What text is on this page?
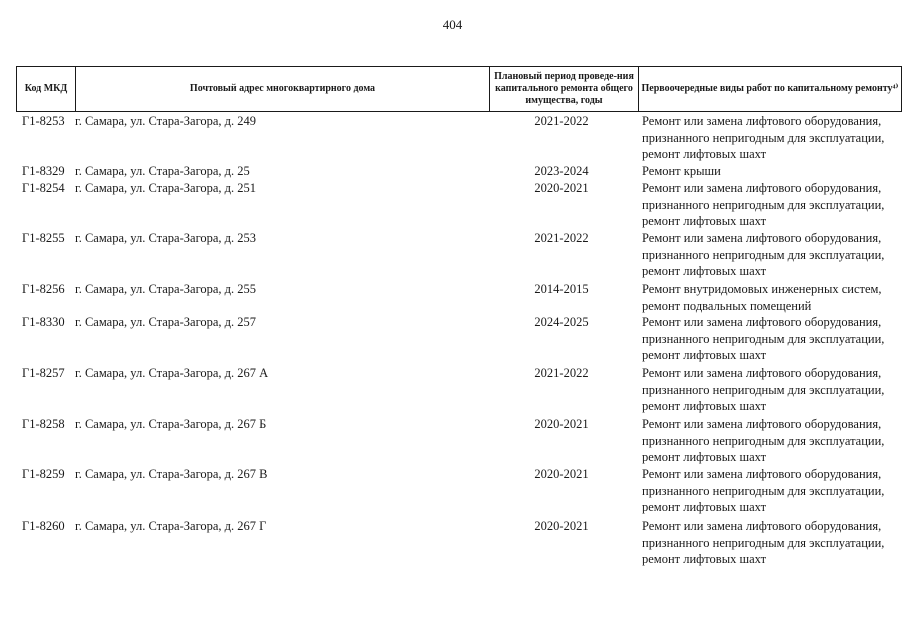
404
Код МКД	Почтовый адрес многоквартирного дома	Плановый период проведе-ния капитального ремонта общего имущества, годы	Первоочередные виды работ по капитальному ремонту⁴⁾
Г1-8253 г. Самара, ул. Стара-Загора, д. 249	2021-2022	Ремонт или замена лифтового оборудования,
признанного непригодным для эксплуатации,
ремонт лифтовых шахт
Г1-8329 г. Самара, ул. Стара-Загора, д. 25	2023-2024	Ремонт крыши
Г1-8254 г. Самара, ул. Стара-Загора, д. 251	2020-2021	Ремонт или замена лифтового оборудования,
признанного непригодным для эксплуатации,
ремонт лифтовых шахт
Г1-8255 г. Самара, ул. Стара-Загора, д. 253	2021-2022	Ремонт или замена лифтового оборудования,
признанного непригодным для эксплуатации,
ремонт лифтовых шахт
Г1-8256 г. Самара, ул. Стара-Загора, д. 255	2014-2015	Ремонт внутридомовых инженерных систем,
ремонт подвальных помещений
Г1-8330 г. Самара, ул. Стара-Загора, д. 257	2024-2025	Ремонт или замена лифтового оборудования,
признанного непригодным для эксплуатации,
ремонт лифтовых шахт
Г1-8257 г. Самара, ул. Стара-Загора, д. 267 А	2021-2022	Ремонт или замена лифтового оборудования,
признанного непригодным для эксплуатации,
ремонт лифтовых шахт
Г1-8258 г. Самара, ул. Стара-Загора, д. 267 Б	2020-2021	Ремонт или замена лифтового оборудования,
признанного непригодным для эксплуатации,
ремонт лифтовых шахт
Г1-8259 г. Самара, ул. Стара-Загора, д. 267 В	2020-2021	Ремонт или замена лифтового оборудования,
признанного непригодным для эксплуатации,
ремонт лифтовых шахт
Г1-8260 г. Самара, ул. Стара-Загора, д. 267 Г	2020-2021	Ремонт или замена лифтового оборудования,
признанного непригодным для эксплуатации,
ремонт лифтовых шахт
